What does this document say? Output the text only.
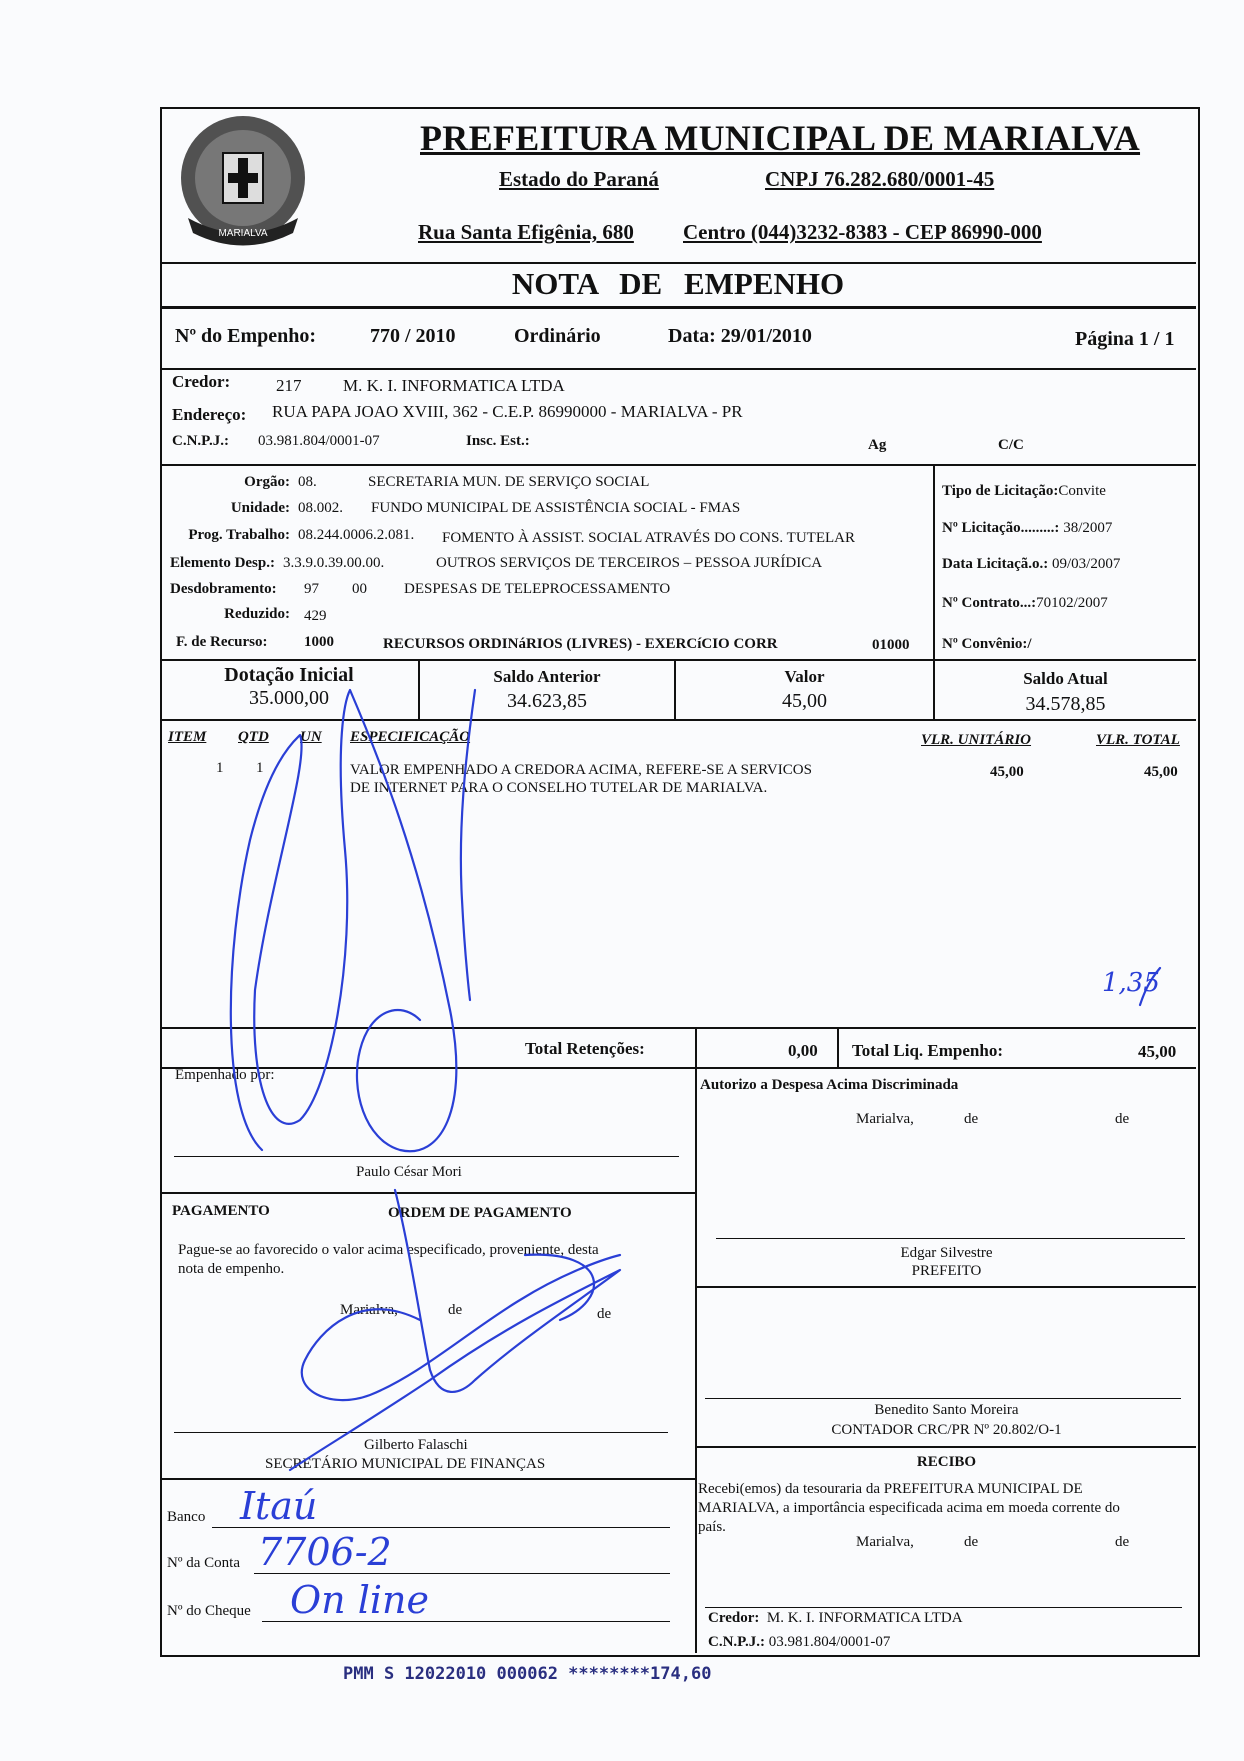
MARIALVA
PREFEITURA MUNICIPAL DE MARIALVA
Estado do Paraná	CNPJ 76.282.680/0001-45
Rua Santa Efigênia, 680 Centro (044)3232-8383 - CEP 86990-000
NOTA DE EMPENHO
Nº do Empenho:	770 / 2010	Ordinário	Data: 29/01/2010	Página 1 / 1
Credor:	217 M. K. I. INFORMATICA LTDA
Endereço: RUA PAPA JOAO XVIII, 362 - C.E.P. 86990000 - MARIALVA - PR
C.N.P.J.: 03.981.804/0001-07	Insc. Est.:	Ag	C/C
Orgão: 08.	SECRETARIA MUN. DE SERVIÇO SOCIAL
Unidade: 08.002. FUNDO MUNICIPAL DE ASSISTÊNCIA SOCIAL - FMAS
Prog. Trabalho: 08.244.0006.2.081. FOMENTO À ASSIST. SOCIAL ATRAVÉS DO CONS. TUTELAR
Elemento Desp.: 3.3.9.0.39.00.00.	OUTROS SERVIÇOS DE TERCEIROS – PESSOA JURÍDICA
Desdobramento: 97 00 DESPESAS DE TELEPROCESSAMENTO
Reduzido: 429
F. de Recurso: 1000	RECURSOS ORDINáRIOS (LIVRES) - EXERCíCIO CORR	01000
Tipo de Licitação:Convite
Nº Licitação.........: 38/2007
Data Licitaçã.o.: 09/03/2007
Nº Contrato...:70102/2007
Nº Convênio:/
Dotação Inicial
35.000,00
Saldo Anterior
34.623,85
Valor
45,00
Saldo Atual
34.578,85
ITEM QTD UN ESPECIFICAÇÃO	VLR. UNITÁRIO	VLR. TOTAL
1 1	VALOR EMPENHADO A CREDORA ACIMA, REFERE-SE A SERVICOS
DE INTERNET PARA O CONSELHO TUTELAR DE MARIALVA.
45,00	45,00
1,35
Total Retenções:	0,00 Total Liq. Empenho:	45,00
Empenhado por:
Paulo César Mori
Autorizo a Despesa Acima Discriminada
Marialva,	de	de
Edgar Silvestre
PREFEITO
Benedito Santo Moreira
CONTADOR CRC/PR Nº 20.802/O-1
PAGAMENTO	ORDEM DE PAGAMENTO
Pague-se ao favorecido o valor acima especificado, proveniente, desta
nota de empenho.
Marialva,	de	de
Gilberto Falaschi
SECRETÁRIO MUNICIPAL DE FINANÇAS
Banco Itaú
Nº da Conta 7706-2
Nº do Cheque On line
RECIBO
Recebi(emos) da tesouraria da PREFEITURA MUNICIPAL DE
MARIALVA, a importância especificada acima em moeda corrente do
país.
Marialva,	de	de
Credor: M. K. I. INFORMATICA LTDA
C.N.P.J.: 03.981.804/0001-07
PMM S 12022010 000062 ********174,60
